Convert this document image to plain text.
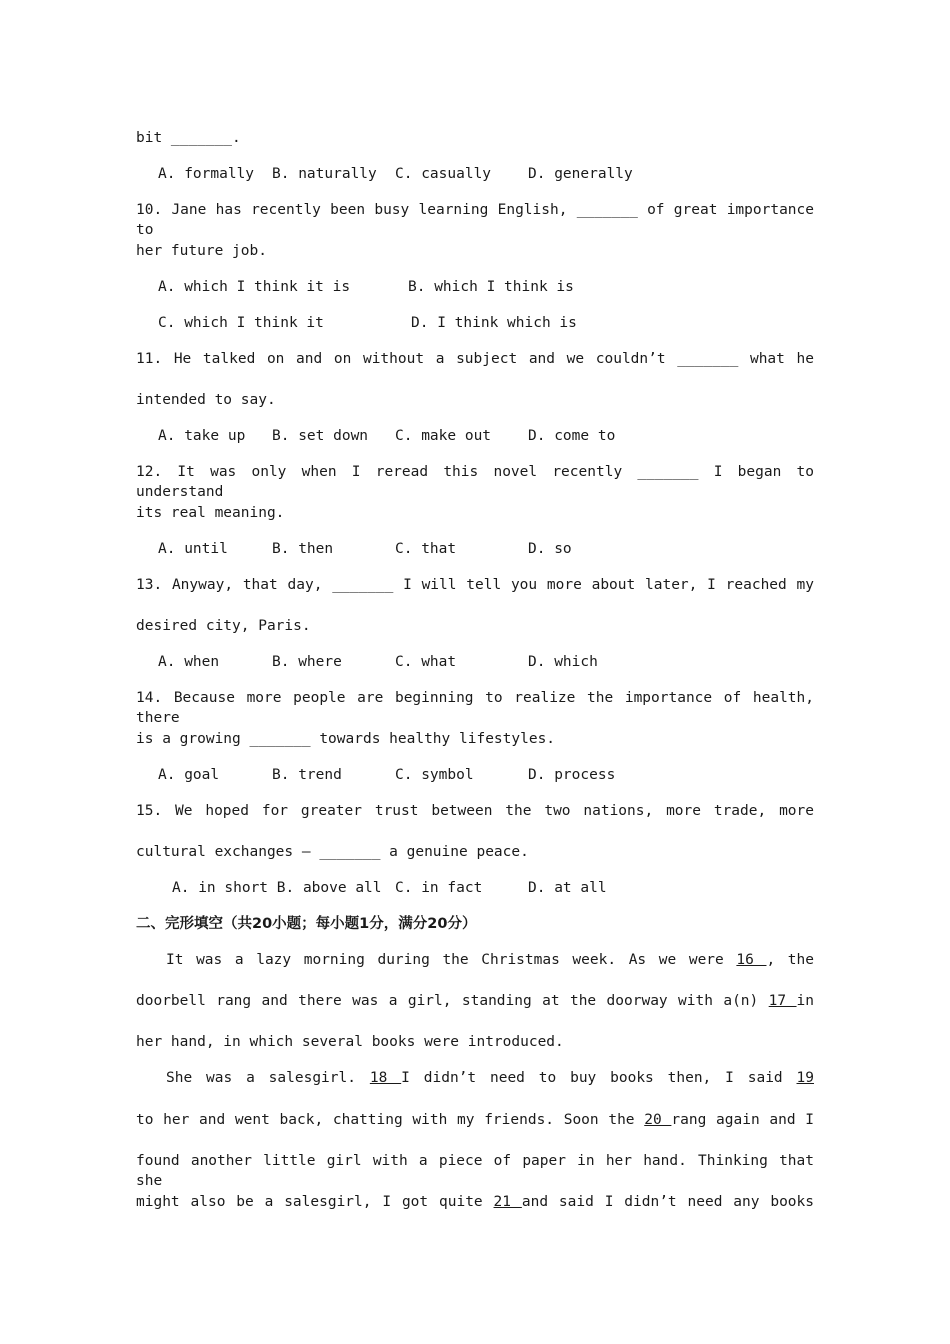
bit _______.
A. formally B. naturally C. casually	D. generally
10. Jane has recently been busy learning English, _______ of great importance to
her future job.
A. which I think it is	B. which I think is
C. which I think it	D. I think which is
11. He talked on and on without a subject and we couldn’t _______ what he
intended to say.
A. take up B. set down C. make out	D. come to
12. It was only when I reread this novel recently _______ I began to understand
its real meaning.
A. until	B. then	C. that	D. so
13. Anyway, that day, _______ I will tell you more about later, I reached my
desired city, Paris.
A. when	B. where	C. what	D. which
14. Because more people are beginning to realize the importance of health, there
is a growing _______ towards healthy lifestyles.
A. goal	B. trend	C. symbol	D. process
15. We hoped for greater trust between the two nations, more trade, more
cultural exchanges — _______ a genuine peace.
A. in short B. above all C. in fact	D. at all
二、完形填空（共20小题；每小题1分，满分20分）
It was a lazy morning during the Christmas week. As we were 16 , the
doorbell rang and there was a girl, standing at the doorway with a(n) 17 in
her hand, in which several books were introduced.
She was a salesgirl. 18 I didn’t need to buy books then, I said 19
to her and went back, chatting with my friends. Soon the 20 rang again and I
found another little girl with a piece of paper in her hand. Thinking that she
might also be a salesgirl, I got quite 21 and said I didn’t need any books
